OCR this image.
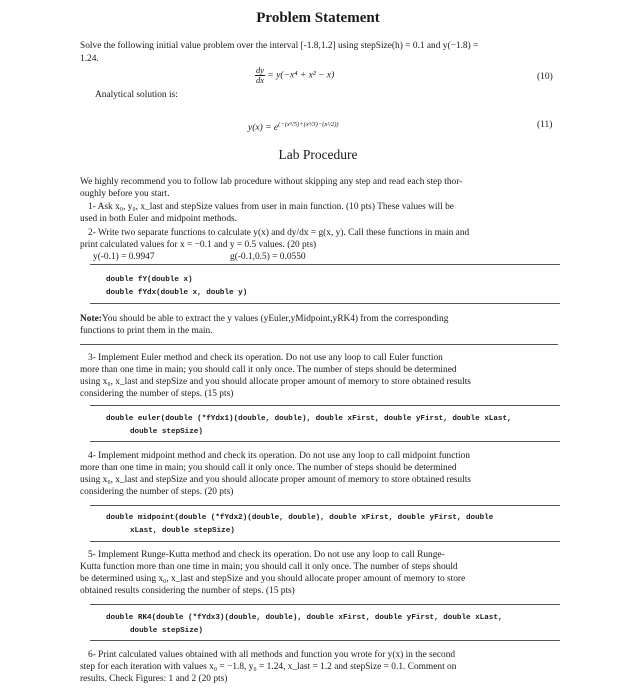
Problem Statement
Solve the following initial value problem over the interval [-1.8,1.2] using stepSize(h) = 0.1 and y(−1.8) =
1.24.
$\frac{dy}{dx} = y(-x^4 + x^2 - x)$	(10)
Analytical solution is:
$y(x) = e^{(-(x^5/5)+(x^3/3)-(x^2/2))}$	(11)
Lab Procedure
We highly recommend you to follow lab procedure without skipping any step and read each step thor-
oughly before you start.
1- Ask x₀, y₀, x_last and stepSize values from user in main function. (10 pts) These values will be
used in both Euler and midpoint methods.
2- Write two separate functions to calculate y(x) and dy/dx = g(x, y). Call these functions in main and
print calculated values for x = −0.1 and y = 0.5 values. (20 pts)
y(-0.1) = 0.9947	g(-0.1,0.5) = 0.0550
double fY(double x)
double fYdx(double x, double y)
Note:You should be able to extract the y values (yEuler,yMidpoint,yRK4) from the corresponding
functions to print them in the main.
3- Implement Euler method and check its operation. Do not use any loop to call Euler function
more than one time in main; you should call it only once. The number of steps should be determined
using x₀, x_last and stepSize and you should allocate proper amount of memory to store obtained results
considering the number of steps. (15 pts)
double euler(double (*fYdx1)(double, double), double xFirst, double yFirst, double xLast,
double stepSize)
4- Implement midpoint method and check its operation. Do not use any loop to call midpoint function
more than one time in main; you should call it only once. The number of steps should be determined
using x₀, x_last and stepSize and you should allocate proper amount of memory to store obtained results
considering the number of steps. (20 pts)
double midpoint(double (*fYdx2)(double, double), double xFirst, double yFirst, double
xLast, double stepSize)
5- Implement Runge-Kutta method and check its operation. Do not use any loop to call Runge-
Kutta function more than one time in main; you should call it only once. The number of steps should
be determined using x₀, x_last and stepSize and you should allocate proper amount of memory to store
obtained results considering the number of steps. (15 pts)
double RK4(double (*fYdx3)(double, double), double xFirst, double yFirst, double xLast,
double stepSize)
6- Print calculated values obtained with all methods and function you wrote for y(x) in the second
step for each iteration with values x₀ = −1.8, y₀ = 1.24, x_last = 1.2 and stepSize = 0.1. Comment on
results. Check Figures: 1 and 2 (20 pts)
